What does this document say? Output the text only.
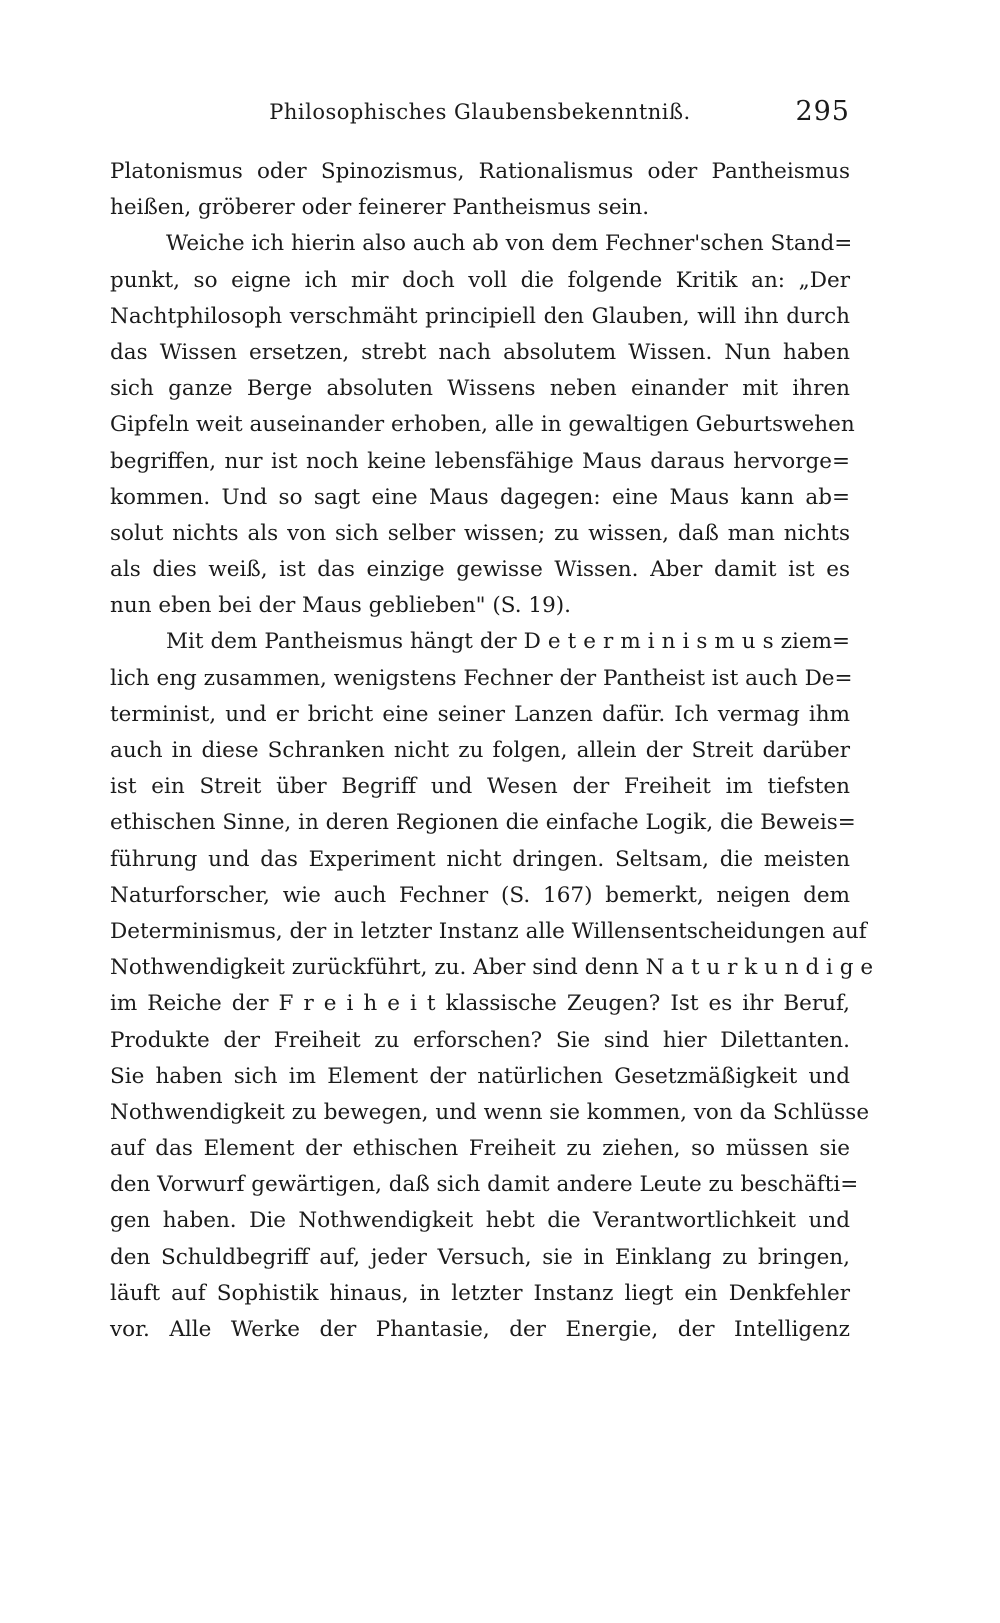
Philosophisches Glaubensbekenntniß.	295
Platonismus oder Spinozismus, Rationalismus oder Pantheismus
heißen, gröberer oder feinerer Pantheismus sein.
Weiche ich hierin also auch ab von dem Fechner'schen Stand=
punkt, so eigne ich mir doch voll die folgende Kritik an: „Der
Nachtphilosoph verschmäht principiell den Glauben, will ihn durch
das Wissen ersetzen, strebt nach absolutem Wissen. Nun haben
sich ganze Berge absoluten Wissens neben einander mit ihren
Gipfeln weit auseinander erhoben, alle in gewaltigen Geburtswehen
begriffen, nur ist noch keine lebensfähige Maus daraus hervorge=
kommen. Und so sagt eine Maus dagegen: eine Maus kann ab=
solut nichts als von sich selber wissen; zu wissen, daß man nichts
als dies weiß, ist das einzige gewisse Wissen. Aber damit ist es
nun eben bei der Maus geblieben" (S. 19).
Mit dem Pantheismus hängt der D e t e r m i n i s m u s ziem=
lich eng zusammen, wenigstens Fechner der Pantheist ist auch De=
terminist, und er bricht eine seiner Lanzen dafür. Ich vermag ihm
auch in diese Schranken nicht zu folgen, allein der Streit darüber
ist ein Streit über Begriff und Wesen der Freiheit im tiefsten
ethischen Sinne, in deren Regionen die einfache Logik, die Beweis=
führung und das Experiment nicht dringen. Seltsam, die meisten
Naturforscher, wie auch Fechner (S. 167) bemerkt, neigen dem
Determinismus, der in letzter Instanz alle Willensentscheidungen auf
Nothwendigkeit zurückführt, zu. Aber sind denn N a t u r k u n d i g e
im Reiche der F r e i h e i t klassische Zeugen? Ist es ihr Beruf,
Produkte der Freiheit zu erforschen? Sie sind hier Dilettanten.
Sie haben sich im Element der natürlichen Gesetzmäßigkeit und
Nothwendigkeit zu bewegen, und wenn sie kommen, von da Schlüsse
auf das Element der ethischen Freiheit zu ziehen, so müssen sie
den Vorwurf gewärtigen, daß sich damit andere Leute zu beschäfti=
gen haben. Die Nothwendigkeit hebt die Verantwortlichkeit und
den Schuldbegriff auf, jeder Versuch, sie in Einklang zu bringen,
läuft auf Sophistik hinaus, in letzter Instanz liegt ein Denkfehler
vor. Alle Werke der Phantasie, der Energie, der Intelligenz
